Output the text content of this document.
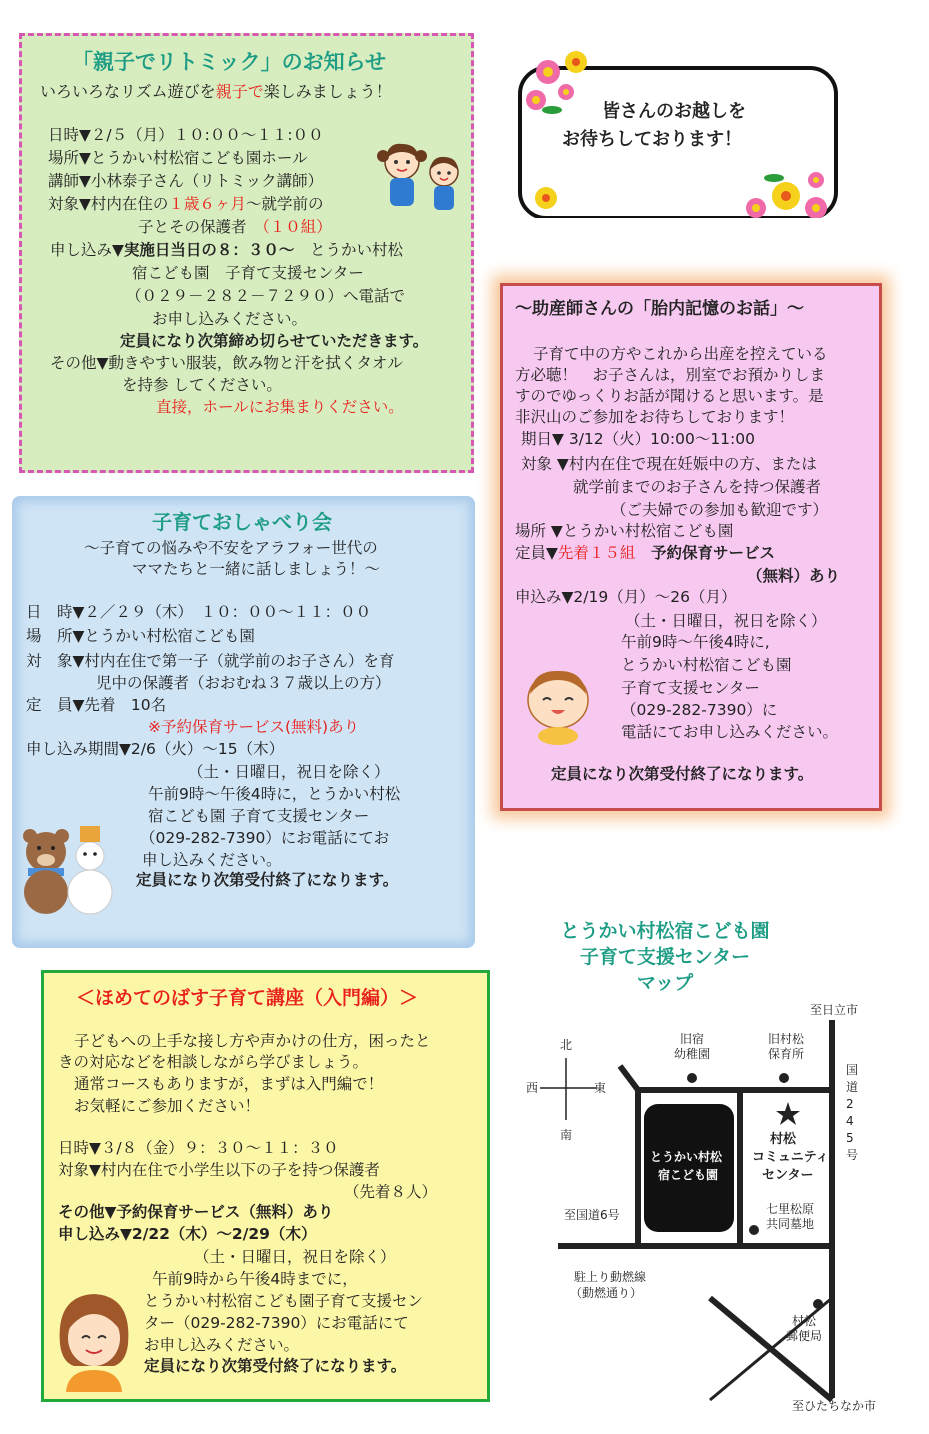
「親子でリトミック」のお知らせ
いろいろなリズム遊びを親子で楽しみましょう！
日時▼２/５（月）１０:００～１１:００
場所▼とうかい村松宿こども園ホール
講師▼小林泰子さん（リトミック講師）
対象▼村内在住の１歳６ヶ月～就学前の
子とその保護者　（１０組）
申し込み▼実施日当日の８：３０～　とうかい村松
宿こども園　子育て支援センター
（０２９－２８２－７２９０）へ電話で
お申し込みください。
定員になり次第締め切らせていただきます。
その他▼動きやすい服装，飲み物と汗を拭くタオル
を持参 してください。
直接，ホールにお集まりください。
皆さんのお越しを
お待ちしております！
～助産師さんの「胎内記憶のお話」～
子育て中の方やこれから出産を控えている
方必聴！　お子さんは，別室でお預かりしま
すのでゆっくりお話が聞けると思います。是
非沢山のご参加をお待ちしております！
期日▼ 3/12（火）10:00～11:00
対象 ▼村内在住で現在妊娠中の方、または
就学前までのお子さんを持つ保護者
（ご夫婦での参加も歓迎です）
場所 ▼とうかい村松宿こども園
定員▼先着１５組　予約保育サービス
（無料）あり
申込み▼2/19（月）～26（月）
（土・日曜日，祝日を除く）
午前9時～午後4時に,
とうかい村松宿こども園
子育て支援センター
（029-282-7390）に
電話にてお申し込みください。
定員になり次第受付終了になります。
子育ておしゃべり会
～子育ての悩みや不安をアラフォー世代の
ママたちと一緒に話しましょう！～
日　時▼２／２９（木）　１０：００～１１：００
場　所▼とうかい村松宿こども園
対　象▼村内在住で第一子（就学前のお子さん）を育
児中の保護者（おおむね３７歳以上の方）
定　員▼先着　10名
※予約保育サービス(無料)あり
申し込み期間▼2/6（火）～15（木）
（土・日曜日，祝日を除く）
午前9時～午後4時に，とうかい村松
宿こども園 子育て支援センター
（029-282-7390）にお電話にてお
申し込みください。
定員になり次第受付終了になります。
＜ほめてのばす子育て講座（入門編）＞
子どもへの上手な接し方や声かけの仕方，困ったと
きの対応などを相談しながら学びましょう。
通常コースもありますが，まずは入門編で！
お気軽にご参加ください！
日時▼３/８（金）９：３０～１１：３０
対象▼村内在住で小学生以下の子を持つ保護者
（先着８人）
その他▼予約保育サービス（無料）あり
申し込み▼2/22（木）～2/29（木）
（土・日曜日，祝日を除く）
午前9時から午後4時までに，
とうかい村松宿こども園子育て支援セン
ター（029-282-7390）にお電話にて
お申し込みください。
定員になり次第受付終了になります。
とうかい村松宿こども園
子育て支援センター
マップ
至日立市
至ひたちなか市
国道245号
至国道6号
北
南
西	東
旧宿
幼稚園
旧村松
保育所
村松
コミュニティ
センター
とうかい村松
宿こども園
七里松原
共同墓地
駐上り動燃線
（動燃通り）
村松
郵便局
